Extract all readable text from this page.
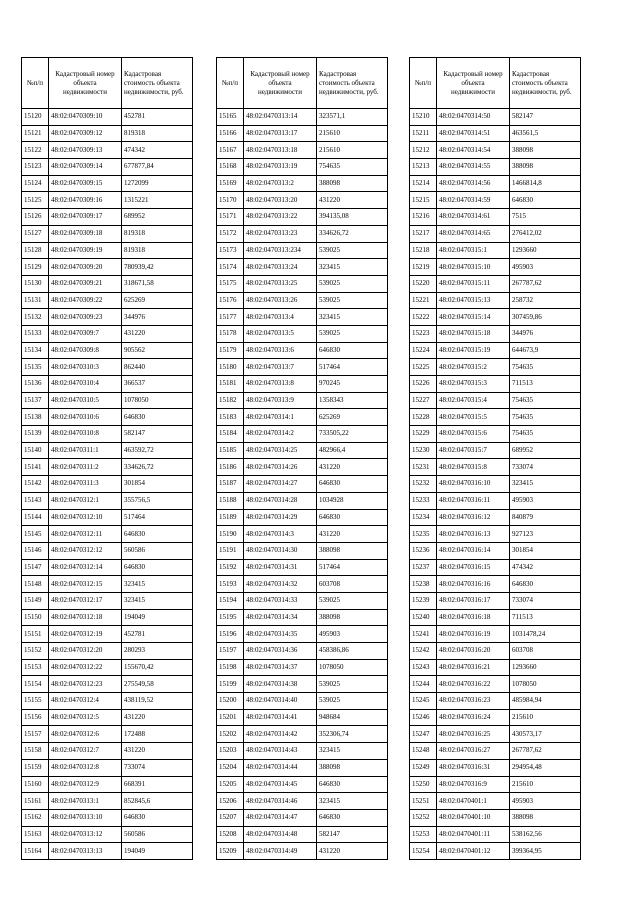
№п/п	Кадастровый номер объекта недвижимости	Кадастровая стоимость объекта недвижимости, руб.
15120	48:02:0470309:10	452781
15121	48:02:0470309:12	819318
15122	48:02:0470309:13	474342
15123	48:02:0470309:14	677877,84
15124	48:02:0470309:15	1272099
15125	48:02:0470309:16	1315221
15126	48:02:0470309:17	689952
15127	48:02:0470309:18	819318
15128	48:02:0470309:19	819318
15129	48:02:0470309:20	780939,42
15130	48:02:0470309:21	318671,58
15131	48:02:0470309:22	625269
15132	48:02:0470309:23	344976
15133	48:02:0470309:7	431220
15134	48:02:0470309:8	905562
15135	48:02:0470310:3	862440
15136	48:02:0470310:4	366537
15137	48:02:0470310:5	1078050
15138	48:02:0470310:6	646830
15139	48:02:0470310:8	582147
15140	48:02:0470311:1	463592,72
15141	48:02:0470311:2	334626,72
15142	48:02:0470311:3	301854
15143	48:02:0470312:1	355756,5
15144	48:02:0470312:10	517464
15145	48:02:0470312:11	646830
15146	48:02:0470312:12	560586
15147	48:02:0470312:14	646830
15148	48:02:0470312:15	323415
15149	48:02:0470312:17	323415
15150	48:02:0470312:18	194049
15151	48:02:0470312:19	452781
15152	48:02:0470312:20	280293
15153	48:02:0470312:22	155670,42
15154	48:02:0470312:23	275549,58
15155	48:02:0470312:4	438119,52
15156	48:02:0470312:5	431220
15157	48:02:0470312:6	172488
15158	48:02:0470312:7	431220
15159	48:02:0470312:8	733074
15160	48:02:0470312:9	668391
15161	48:02:0470313:1	852845,6
15162	48:02:0470313:10	646830
15163	48:02:0470313:12	560586
15164	48:02:0470313:13	194049
№п/п	Кадастровый номер объекта недвижимости	Кадастровая стоимость объекта недвижимости, руб.
15165	48:02:0470313:14	323571,1
15166	48:02:0470313:17	215610
15167	48:02:0470313:18	215610
15168	48:02:0470313:19	754635
15169	48:02:0470313:2	388098
15170	48:02:0470313:20	431220
15171	48:02:0470313:22	394135,08
15172	48:02:0470313:23	334626,72
15173	48:02:0470313:234	539025
15174	48:02:0470313:24	323415
15175	48:02:0470313:25	539025
15176	48:02:0470313:26	539025
15177	48:02:0470313:4	323415
15178	48:02:0470313:5	539025
15179	48:02:0470313:6	646830
15180	48:02:0470313:7	517464
15181	48:02:0470313:8	970245
15182	48:02:0470313:9	1358343
15183	48:02:0470314:1	625269
15184	48:02:0470314:2	733505,22
15185	48:02:0470314:25	482966,4
15186	48:02:0470314:26	431220
15187	48:02:0470314:27	646830
15188	48:02:0470314:28	1034928
15189	48:02:0470314:29	646830
15190	48:02:0470314:3	431220
15191	48:02:0470314:30	388098
15192	48:02:0470314:31	517464
15193	48:02:0470314:32	603708
15194	48:02:0470314:33	539025
15195	48:02:0470314:34	388098
15196	48:02:0470314:35	495903
15197	48:02:0470314:36	458386,86
15198	48:02:0470314:37	1078050
15199	48:02:0470314:38	539025
15200	48:02:0470314:40	539025
15201	48:02:0470314:41	948684
15202	48:02:0470314:42	352306,74
15203	48:02:0470314:43	323415
15204	48:02:0470314:44	388098
15205	48:02:0470314:45	646830
15206	48:02:0470314:46	323415
15207	48:02:0470314:47	646830
15208	48:02:0470314:48	582147
15209	48:02:0470314:49	431220
№п/п	Кадастровый номер объекта недвижимости	Кадастровая стоимость объекта недвижимости, руб.
15210	48:02:0470314:50	582147
15211	48:02:0470314:51	463561,5
15212	48:02:0470314:54	388098
15213	48:02:0470314:55	388098
15214	48:02:0470314:56	1466814,8
15215	48:02:0470314:59	646830
15216	48:02:0470314:61	7515
15217	48:02:0470314:65	276412,02
15218	48:02:0470315:1	1293660
15219	48:02:0470315:10	495903
15220	48:02:0470315:11	267787,62
15221	48:02:0470315:13	258732
15222	48:02:0470315:14	307459,86
15223	48:02:0470315:18	344976
15224	48:02:0470315:19	644673,9
15225	48:02:0470315:2	754635
15226	48:02:0470315:3	711513
15227	48:02:0470315:4	754635
15228	48:02:0470315:5	754635
15229	48:02:0470315:6	754635
15230	48:02:0470315:7	689952
15231	48:02:0470315:8	733074
15232	48:02:0470316:10	323415
15233	48:02:0470316:11	495903
15234	48:02:0470316:12	840879
15235	48:02:0470316:13	927123
15236	48:02:0470316:14	301854
15237	48:02:0470316:15	474342
15238	48:02:0470316:16	646830
15239	48:02:0470316:17	733074
15240	48:02:0470316:18	711513
15241	48:02:0470316:19	1031478,24
15242	48:02:0470316:20	603708
15243	48:02:0470316:21	1293660
15244	48:02:0470316:22	1078050
15245	48:02:0470316:23	485984,94
15246	48:02:0470316:24	215610
15247	48:02:0470316:25	430573,17
15248	48:02:0470316:27	267787,62
15249	48:02:0470316:31	294954,48
15250	48:02:0470316:9	215610
15251	48:02:0470401:1	495903
15252	48:02:0470401:10	388098
15253	48:02:0470401:11	538162,56
15254	48:02:0470401:12	399364,95
